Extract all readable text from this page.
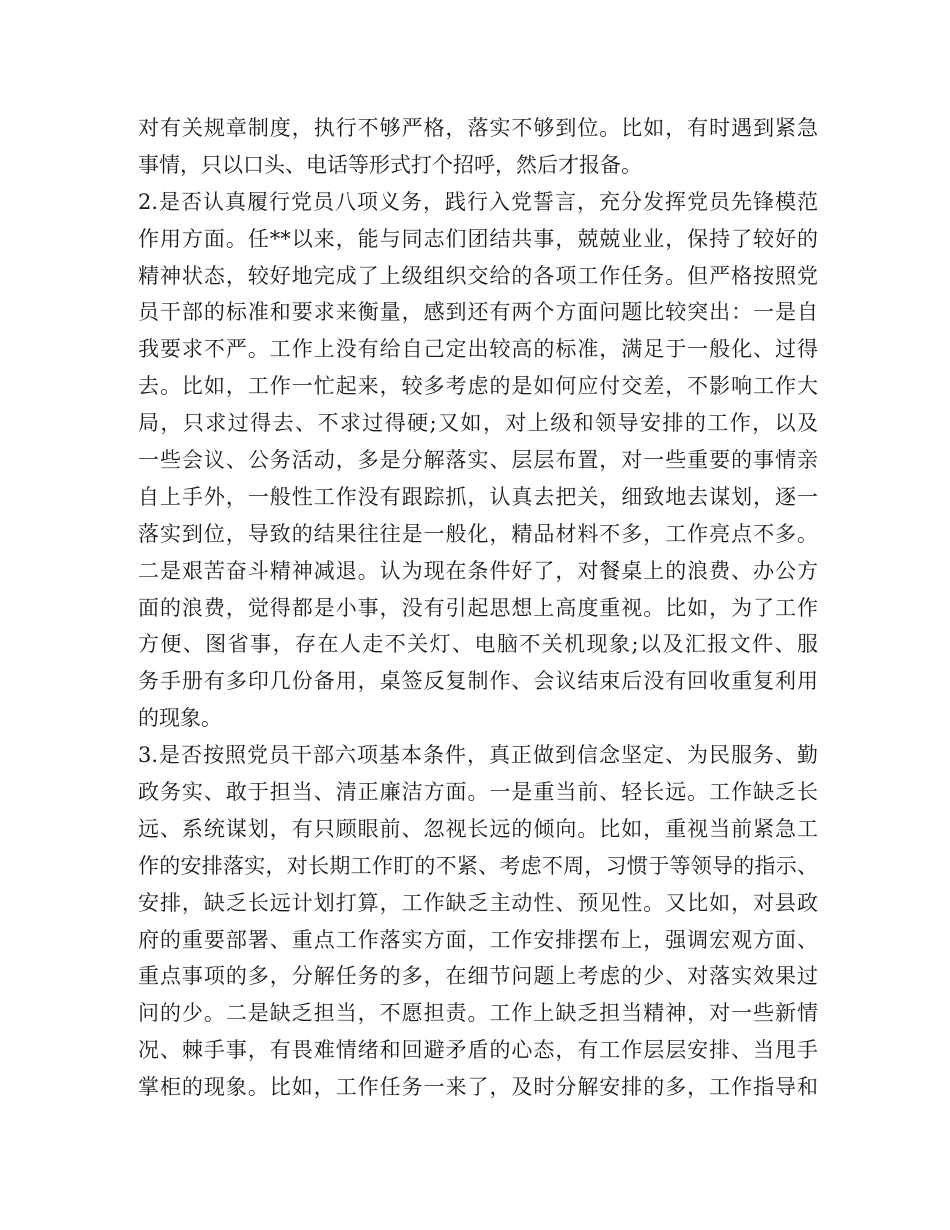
对有关规章制度，执行不够严格，落实不够到位。比如，有时遇到紧急
事情，只以口头、电话等形式打个招呼，然后才报备。
2.是否认真履行党员八项义务，践行入党誓言，充分发挥党员先锋模范
作用方面。任**以来，能与同志们团结共事，兢兢业业，保持了较好的
精神状态，较好地完成了上级组织交给的各项工作任务。但严格按照党
员干部的标准和要求来衡量，感到还有两个方面问题比较突出：一是自
我要求不严。工作上没有给自己定出较高的标准，满足于一般化、过得
去。比如，工作一忙起来，较多考虑的是如何应付交差，不影响工作大
局，只求过得去、不求过得硬;又如，对上级和领导安排的工作，以及
一些会议、公务活动，多是分解落实、层层布置，对一些重要的事情亲
自上手外，一般性工作没有跟踪抓，认真去把关，细致地去谋划，逐一
落实到位，导致的结果往往是一般化，精品材料不多，工作亮点不多。
二是艰苦奋斗精神减退。认为现在条件好了，对餐桌上的浪费、办公方
面的浪费，觉得都是小事，没有引起思想上高度重视。比如，为了工作
方便、图省事，存在人走不关灯、电脑不关机现象;以及汇报文件、服
务手册有多印几份备用，桌签反复制作、会议结束后没有回收重复利用
的现象。
3.是否按照党员干部六项基本条件，真正做到信念坚定、为民服务、勤
政务实、敢于担当、清正廉洁方面。一是重当前、轻长远。工作缺乏长
远、系统谋划，有只顾眼前、忽视长远的倾向。比如，重视当前紧急工
作的安排落实，对长期工作盯的不紧、考虑不周，习惯于等领导的指示、
安排，缺乏长远计划打算，工作缺乏主动性、预见性。又比如，对县政
府的重要部署、重点工作落实方面，工作安排摆布上，强调宏观方面、
重点事项的多，分解任务的多，在细节问题上考虑的少、对落实效果过
问的少。二是缺乏担当，不愿担责。工作上缺乏担当精神，对一些新情
况、棘手事，有畏难情绪和回避矛盾的心态，有工作层层安排、当甩手
掌柜的现象。比如，工作任务一来了，及时分解安排的多，工作指导和
